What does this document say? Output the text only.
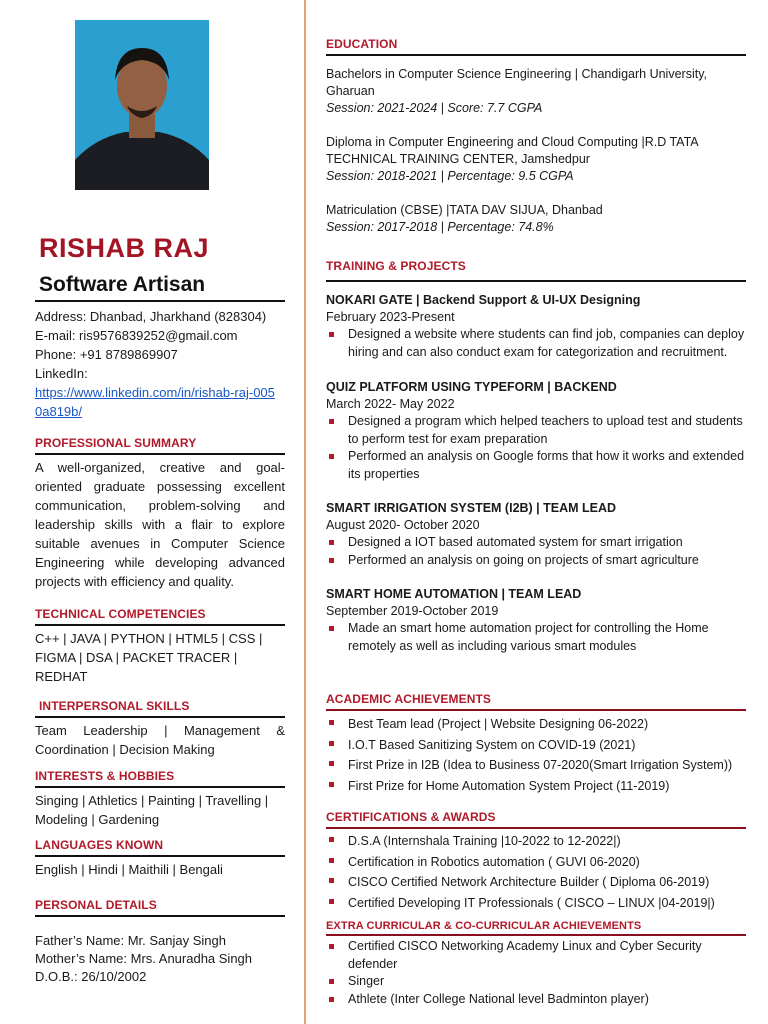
RISHAB RAJ
Software Artisan
Address: Dhanbad, Jharkhand (828304)
E-mail: ris9576839252@gmail.com
Phone: +91 8789869907
LinkedIn:
https://www.linkedin.com/in/rishab-raj-0050a819b/
PROFESSIONAL SUMMARY
A well-organized, creative and goal-oriented graduate possessing excellent communication, problem-solving and leadership skills with a flair to explore suitable avenues in Computer Science Engineering while developing advanced projects with efficiency and quality.
TECHNICAL COMPETENCIES
C++ | JAVA | PYTHON | HTML5 | CSS | FIGMA | DSA | PACKET TRACER | REDHAT
INTERPERSONAL SKILLS
Team Leadership | Management & Coordination | Decision Making
INTERESTS & HOBBIES
Singing | Athletics | Painting | Travelling | Modeling | Gardening
LANGUAGES KNOWN
English | Hindi | Maithili | Bengali
PERSONAL DETAILS
Father’s Name: Mr. Sanjay Singh
Mother’s Name: Mrs. Anuradha Singh
D.O.B.: 26/10/2002
EDUCATION
Bachelors in Computer Science Engineering | Chandigarh University, Gharuan
Session: 2021-2024 | Score: 7.7 CGPA
Diploma in Computer Engineering and Cloud Computing |R.D TATA TECHNICAL TRAINING CENTER, Jamshedpur
Session: 2018-2021 | Percentage: 9.5 CGPA
Matriculation (CBSE) |TATA DAV SIJUA, Dhanbad
Session: 2017-2018 | Percentage: 74.8%
TRAINING & PROJECTS
NOKARI GATE | Backend Support & UI-UX Designing
February 2023-Present
Designed a website where students can find job, companies can deploy hiring and can also conduct exam for categorization and recruitment.
QUIZ PLATFORM USING TYPEFORM | BACKEND
March 2022- May 2022
Designed a program which helped teachers to upload test and students to perform test for exam preparation
Performed an analysis on Google forms that how it works and extended its properties
SMART IRRIGATION SYSTEM (I2B) | TEAM LEAD
August 2020- October 2020
Designed a IOT based automated system for smart irrigation
Performed an analysis on going on projects of smart agriculture
SMART HOME AUTOMATION | TEAM LEAD
September 2019-October 2019
Made an smart home automation project for controlling the Home remotely as well as including various smart modules
ACADEMIC ACHIEVEMENTS
Best Team lead (Project | Website Designing 06-2022)
I.O.T Based Sanitizing System on COVID-19 (2021)
First Prize in I2B (Idea to Business 07-2020(Smart Irrigation System))
First Prize for Home Automation System Project (11-2019)
CERTIFICATIONS & AWARDS
D.S.A (Internshala Training |10-2022 to 12-2022|)
Certification in Robotics automation ( GUVI 06-2020)
CISCO Certified Network Architecture Builder ( Diploma 06-2019)
Certified Developing IT Professionals ( CISCO – LINUX |04-2019|)
EXTRA CURRICULAR & CO-CURRICULAR ACHIEVEMENTS
Certified CISCO Networking Academy Linux and Cyber Security defender
Singer
Athlete (Inter College National level Badminton player)
